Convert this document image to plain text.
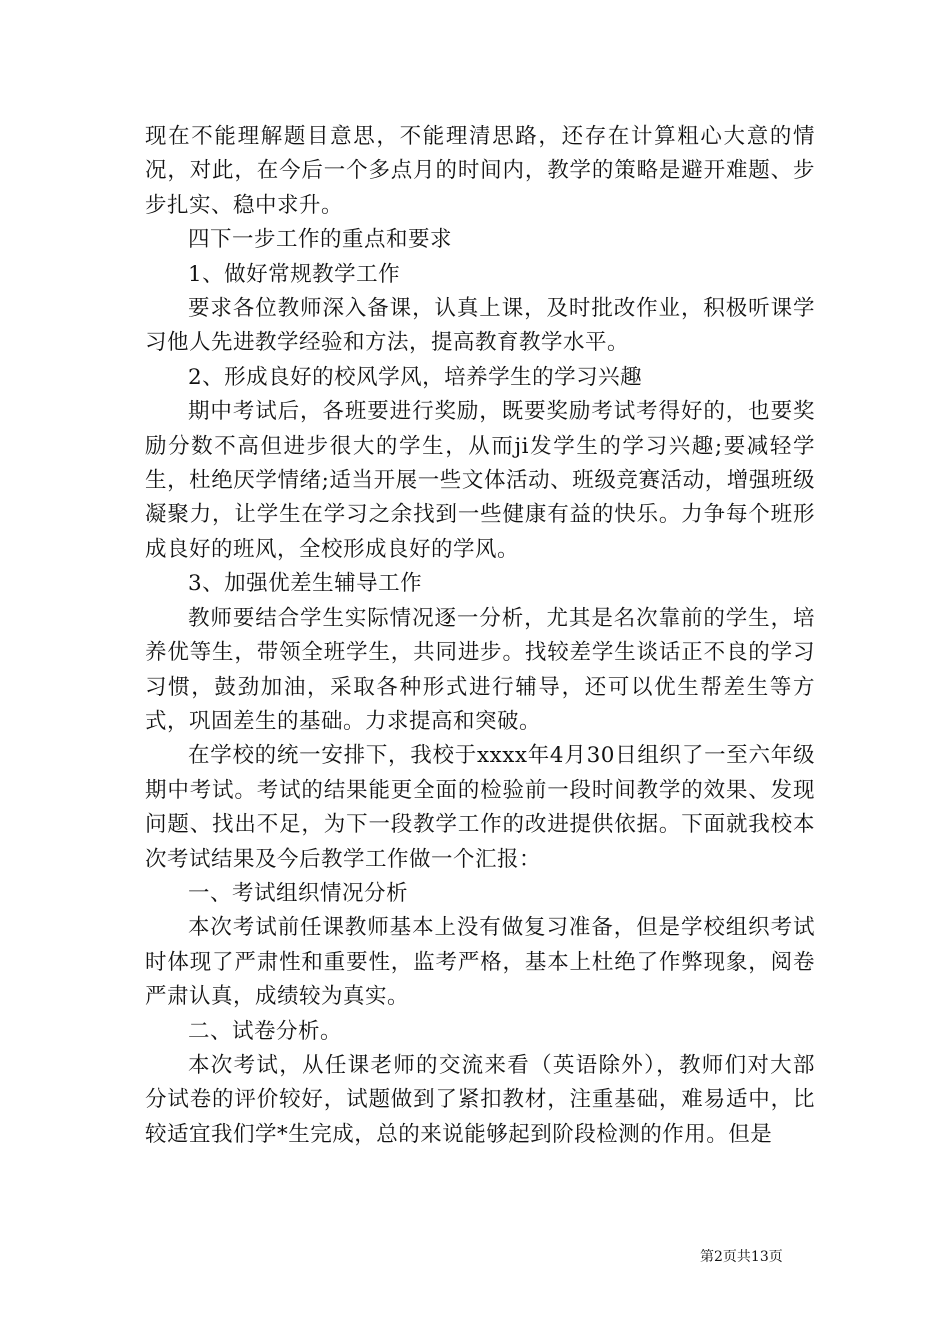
现在不能理解题目意思，不能理清思路，还存在计算粗心大意的情况，对此，在今后一个多点月的时间内，教学的策略是避开难题、步步扎实、稳中求升。

四下一步工作的重点和要求

1、做好常规教学工作

要求各位教师深入备课，认真上课，及时批改作业，积极听课学习他人先进教学经验和方法，提高教育教学水平。

2、形成良好的校风学风，培养学生的学习兴趣

期中考试后，各班要进行奖励，既要奖励考试考得好的，也要奖励分数不高但进步很大的学生，从而ji发学生的学习兴趣;要减轻学生，杜绝厌学情绪;适当开展一些文体活动、班级竞赛活动，增强班级凝聚力，让学生在学习之余找到一些健康有益的快乐。力争每个班形成良好的班风，全校形成良好的学风。

3、加强优差生辅导工作

教师要结合学生实际情况逐一分析，尤其是名次靠前的学生，培养优等生，带领全班学生，共同进步。找较差学生谈话正不良的学习习惯，鼓劲加油，采取各种形式进行辅导，还可以优生帮差生等方式，巩固差生的基础。力求提高和突破。

在学校的统一安排下，我校于xxxx年4月30日组织了一至六年级期中考试。考试的结果能更全面的检验前一段时间教学的效果、发现问题、找出不足，为下一段教学工作的改进提供依据。下面就我校本次考试结果及今后教学工作做一个汇报：

一、考试组织情况分析

本次考试前任课教师基本上没有做复习准备，但是学校组织考试时体现了严肃性和重要性，监考严格，基本上杜绝了作弊现象，阅卷严肃认真，成绩较为真实。

二、试卷分析。

本次考试，从任课老师的交流来看（英语除外），教师们对大部分试卷的评价较好，试题做到了紧扣教材，注重基础，难易适中，比较适宜我们学*生完成，总的来说能够起到阶段检测的作用。但是

第2页共13页
